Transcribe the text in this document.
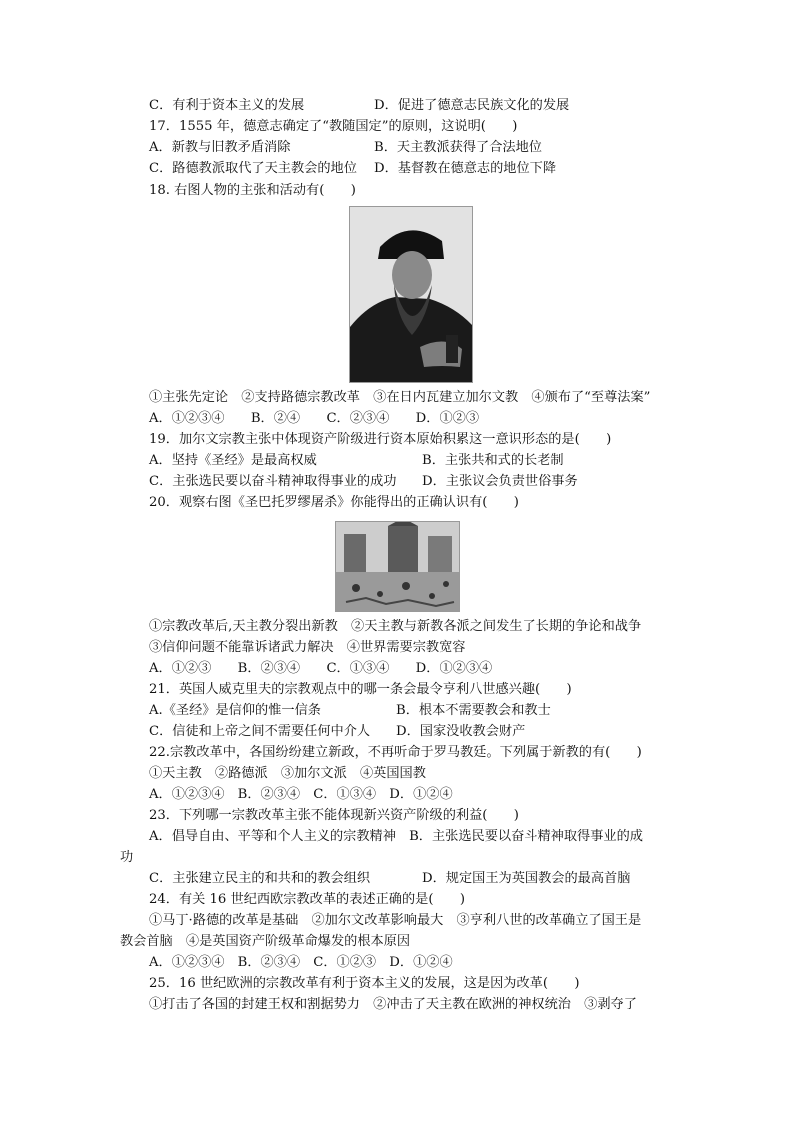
C．有利于资本主义的发展	D．促进了德意志民族文化的发展
17．1555 年，德意志确定了“教随国定”的原则，这说明(　　)
A．新教与旧教矛盾消除	B．天主教派获得了合法地位
C．路德教派取代了天主教会的地位 D．基督教在德意志的地位下降
18. 右图人物的主张和活动有(　　)
①主张先定论　②支持路德宗教改革　③在日内瓦建立加尔文教　④颁布了“至尊法案”
A．①②③④　　B．②④　　C．②③④　　D．①②③
19．加尔文宗教主张中体现资产阶级进行资本原始积累这一意识形态的是(　　)
A．坚持《圣经》是最高权威	B．主张共和式的长老制
C．主张选民要以奋斗精神取得事业的成功 D．主张议会负责世俗事务
20．观察右图《圣巴托罗缪屠杀》你能得出的正确认识有(　　)
①宗教改革后,天主教分裂出新教　②天主教与新教各派之间发生了长期的争论和战争
③信仰问题不能靠诉诸武力解决　④世界需要宗教宽容
A．①②③　　B．②③④　　C．①③④　　D．①②③④
21．英国人威克里夫的宗教观点中的哪一条会最令亨利八世感兴趣(　　)
A.《圣经》是信仰的惟一信条	B．根本不需要教会和教士
C．信徒和上帝之间不需要任何中介人 D．国家没收教会财产
22.宗教改革中，各国纷纷建立新政，不再听命于罗马教廷。下列属于新教的有(　　)
①天主教　②路德派　③加尔文派　④英国国教
A．①②③④　B．②③④　C．①③④　D．①②④
23．下列哪一宗教改革主张不能体现新兴资产阶级的利益(　　)
A．倡导自由、平等和个人主义的宗教精神　B．主张选民要以奋斗精神取得事业的成
功
C．主张建立民主的和共和的教会组织	D．规定国王为英国教会的最高首脑
24．有关 16 世纪西欧宗教改革的表述正确的是(　　)
①马丁·路德的改革是基础　②加尔文改革影响最大　③亨利八世的改革确立了国王是
教会首脑　④是英国资产阶级革命爆发的根本原因
A．①②③④　B．②③④　C．①②③　D．①②④
25．16 世纪欧洲的宗教改革有利于资本主义的发展，这是因为改革(　　)
①打击了各国的封建王权和割据势力　②冲击了天主教在欧洲的神权统治　③剥夺了
